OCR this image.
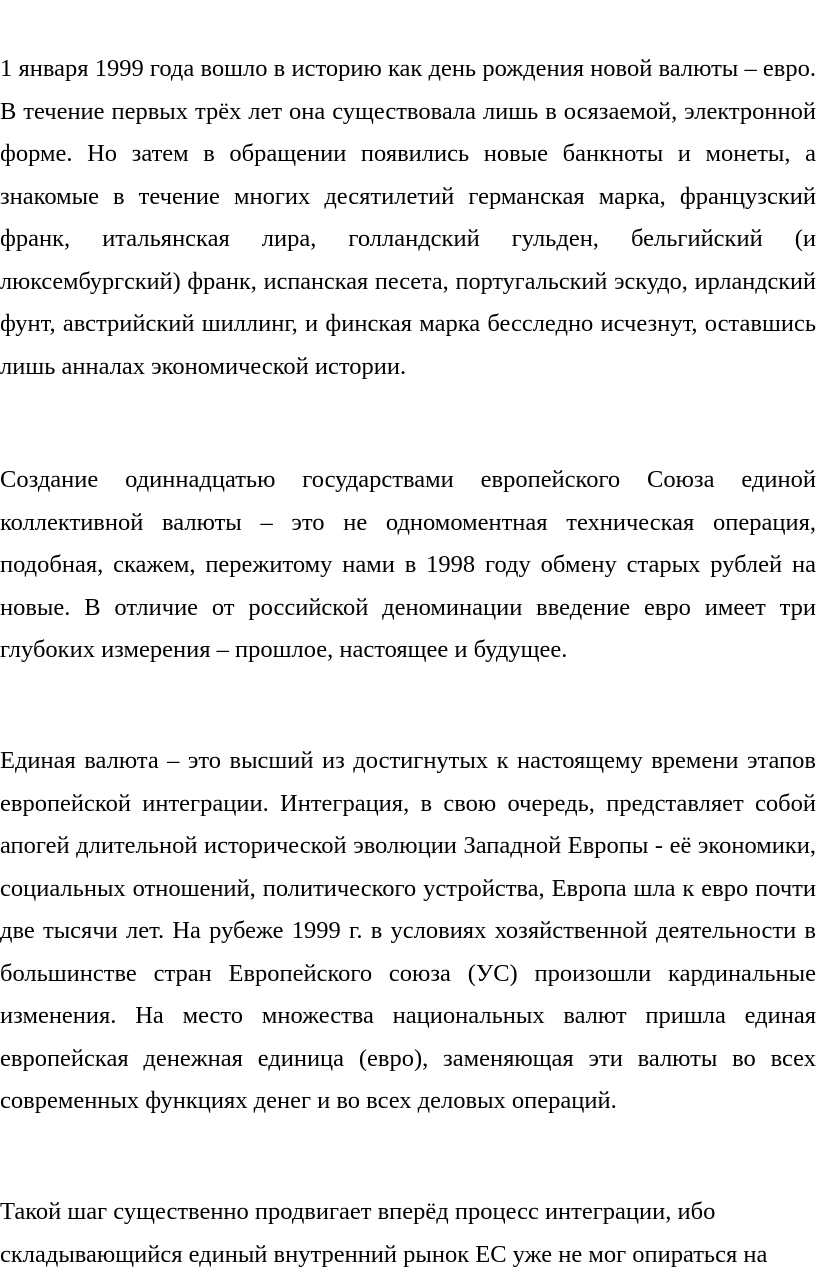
1 января 1999 года вошло в историю как день рождения новой валюты – евро.
В течение первых трёх лет она существовала лишь в осязаемой, электронной
форме. Но затем в обращении появились новые банкноты и монеты, а
знакомые в течение многих десятилетий германская марка, французский
франк, итальянская лира, голландский гульден, бельгийский (и
люксембургский) франк, испанская песета, португальский эскудо, ирландский
фунт, австрийский шиллинг, и финская марка бесследно исчезнут, оставшись
лишь анналах экономической истории.
Создание одиннадцатью государствами европейского Союза единой
коллективной валюты – это не одномоментная техническая операция,
подобная, скажем, пережитому нами в 1998 году обмену старых рублей на
новые. В отличие от российской деноминации введение евро имеет три
глубоких измерения – прошлое, настоящее и будущее.
Единая валюта – это высший из достигнутых к настоящему времени этапов
европейской интеграции. Интеграция, в свою очередь, представляет собой
апогей длительной исторической эволюции Западной Европы - её экономики,
социальных отношений, политического устройства, Европа шла к евро почти
две тысячи лет. На рубеже 1999 г. в условиях хозяйственной деятельности в
большинстве стран Европейского союза (УС) произошли кардинальные
изменения. На место множества национальных валют пришла единая
европейская денежная единица (евро), заменяющая эти валюты во всех
современных функциях денег и во всех деловых операций.
Такой шаг существенно продвигает вперёд процесс интеграции, ибо
складывающийся единый внутренний рынок ЕС уже не мог опираться на
